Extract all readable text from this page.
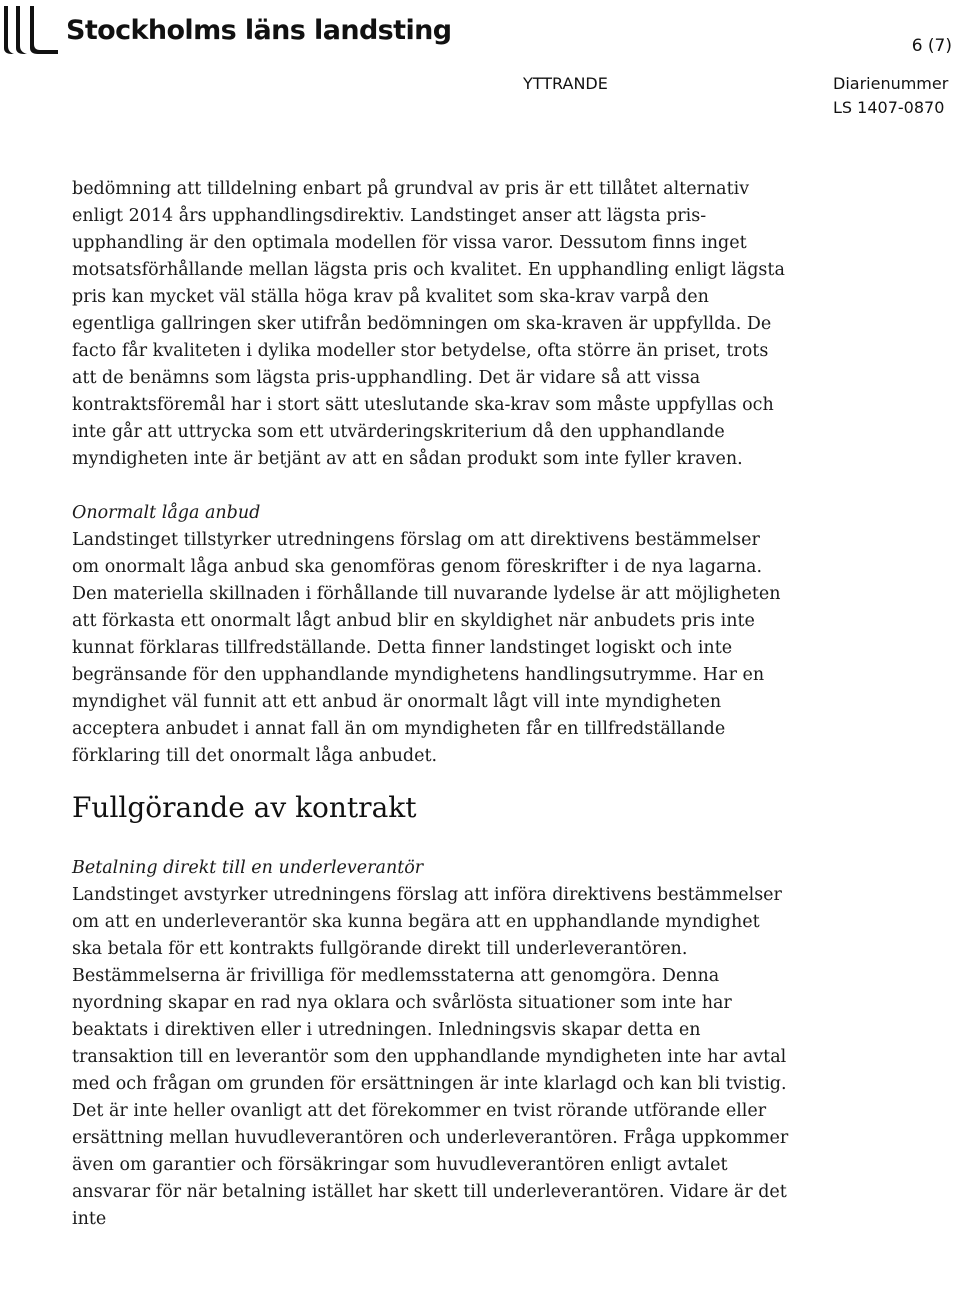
Stockholms läns landsting
6 (7)
YTTRANDE	Diarienummer
LS 1407-0870

bedömning att tilldelning enbart på grundval av pris är ett tillåtet alternativ enligt 2014 års upphandlingsdirektiv. Landstinget anser att lägsta pris-upphandling är den optimala modellen för vissa varor. Dessutom finns inget motsatsförhållande mellan lägsta pris och kvalitet. En upphandling enligt lägsta pris kan mycket väl ställa höga krav på kvalitet som ska-krav varpå den egentliga gallringen sker utifrån bedömningen om ska-kraven är uppfyllda. De facto får kvaliteten i dylika modeller stor betydelse, ofta större än priset, trots att de benämns som lägsta pris-upphandling. Det är vidare så att vissa kontraktsföremål har i stort sätt uteslutande ska-krav som måste uppfyllas och inte går att uttrycka som ett utvärderingskriterium då den upphandlande myndigheten inte är betjänt av att en sådan produkt som inte fyller kraven.

Onormalt låga anbud

Landstinget tillstyrker utredningens förslag om att direktivens bestämmelser om onormalt låga anbud ska genomföras genom föreskrifter i de nya lagarna. Den materiella skillnaden i förhållande till nuvarande lydelse är att möjligheten att förkasta ett onormalt lågt anbud blir en skyldighet när anbudets pris inte kunnat förklaras tillfredställande. Detta finner landstinget logiskt och inte begränsande för den upphandlande myndighetens handlingsutrymme. Har en myndighet väl funnit att ett anbud är onormalt lågt vill inte myndigheten acceptera anbudet i annat fall än om myndigheten får en tillfredställande förklaring till det onormalt låga anbudet.

Fullgörande av kontrakt

Betalning direkt till en underleverantör

Landstinget avstyrker utredningens förslag att införa direktivens bestämmelser om att en underleverantör ska kunna begära att en upphandlande myndighet ska betala för ett kontrakts fullgörande direkt till underleverantören. Bestämmelserna är frivilliga för medlemsstaterna att genomgöra. Denna nyordning skapar en rad nya oklara och svårlösta situationer som inte har beaktats i direktiven eller i utredningen. Inledningsvis skapar detta en transaktion till en leverantör som den upphandlande myndigheten inte har avtal med och frågan om grunden för ersättningen är inte klarlagd och kan bli tvistig. Det är inte heller ovanligt att det förekommer en tvist rörande utförande eller ersättning mellan huvudleverantören och underleverantören. Fråga uppkommer även om garantier och försäkringar som huvudleverantören enligt avtalet ansvarar för när betalning istället har skett till underleverantören. Vidare är det inte
